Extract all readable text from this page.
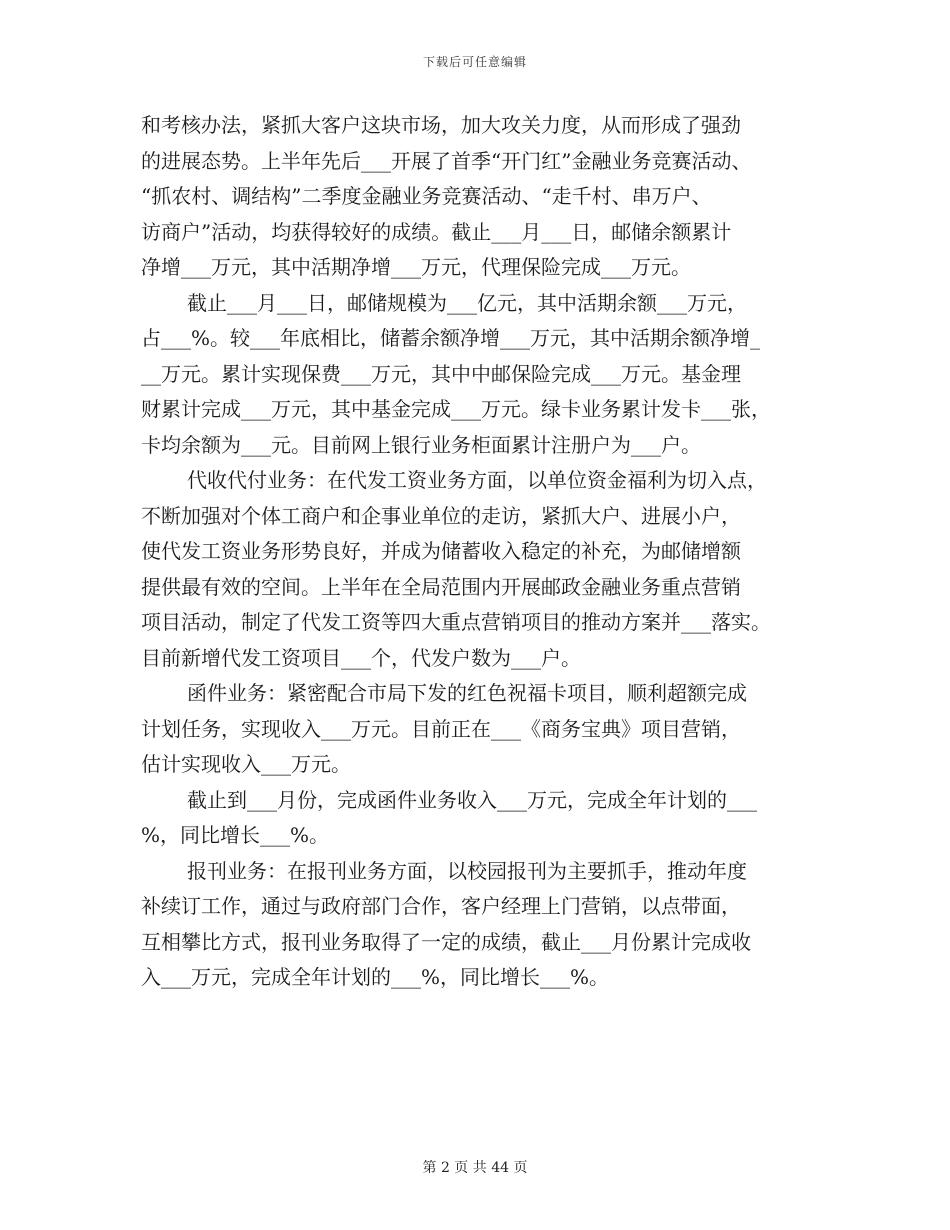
下载后可任意编辑
和考核办法，紧抓大客户这块市场，加大攻关力度，从而形成了强劲
的进展态势。上半年先后___开展了首季“开门红”金融业务竞赛活动、
“抓农村、调结构”二季度金融业务竞赛活动、“走千村、串万户、
访商户”活动，均获得较好的成绩。截止___月___日，邮储余额累计
净增___万元，其中活期净增___万元，代理保险完成___万元。
截止___月___日，邮储规模为___亿元，其中活期余额___万元，
占___%。较___年底相比，储蓄余额净增___万元，其中活期余额净增_
__万元。累计实现保费___万元，其中中邮保险完成___万元。基金理
财累计完成___万元，其中基金完成___万元。绿卡业务累计发卡___张，
卡均余额为___元。目前网上银行业务柜面累计注册户为___户。
代收代付业务：在代发工资业务方面，以单位资金福利为切入点，
不断加强对个体工商户和企事业单位的走访，紧抓大户、进展小户，
使代发工资业务形势良好，并成为储蓄收入稳定的补充，为邮储增额
提供最有效的空间。上半年在全局范围内开展邮政金融业务重点营销
项目活动，制定了代发工资等四大重点营销项目的推动方案并___落实。
目前新增代发工资项目___个，代发户数为___户。
函件业务：紧密配合市局下发的红色祝福卡项目，顺利超额完成
计划任务，实现收入___万元。目前正在___《商务宝典》项目营销，
估计实现收入___万元。
截止到___月份，完成函件业务收入___万元，完成全年计划的___
%，同比增长___%。
报刊业务：在报刊业务方面，以校园报刊为主要抓手，推动年度
补续订工作，通过与政府部门合作，客户经理上门营销，以点带面，
互相攀比方式，报刊业务取得了一定的成绩，截止___月份累计完成收
入___万元，完成全年计划的___%，同比增长___%。
第 2 页 共 44 页
